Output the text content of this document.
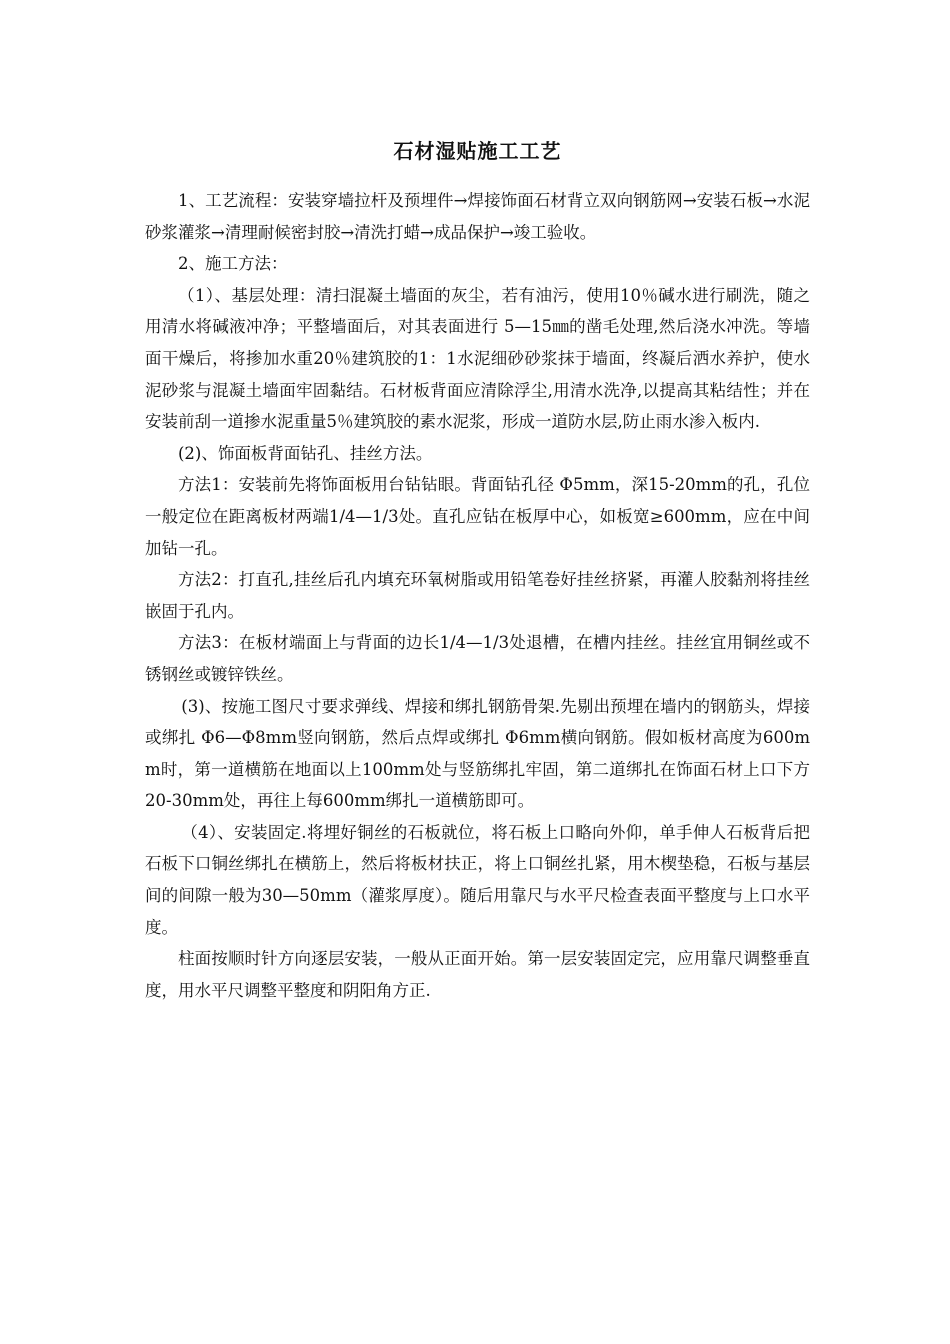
石材湿贴施工工艺

1、工艺流程：安装穿墙拉杆及预埋件→焊接饰面石材背立双向钢筋网→安装石板→水泥砂浆灌浆→清理耐候密封胶→清洗打蜡→成品保护→竣工验收。

2、施工方法：

（1）、基层处理：清扫混凝土墙面的灰尘，若有油污，使用10％碱水进行刷洗，随之用清水将碱液冲净；平整墙面后，对其表面进行 5—15㎜的凿毛处理,然后浇水冲洗。等墙面干燥后，将掺加水重20％建筑胶的1：1水泥细砂砂浆抹于墙面，终凝后洒水养护，使水泥砂浆与混凝土墙面牢固黏结。石材板背面应清除浮尘,用清水洗净,以提高其粘结性；并在安装前刮一道掺水泥重量5％建筑胶的素水泥浆，形成一道防水层,防止雨水渗入板内.

(2)、饰面板背面钻孔、挂丝方法。

方法1：安装前先将饰面板用台钻钻眼。背面钻孔径 Φ5mm，深15-20mm的孔，孔位一般定位在距离板材两端1/4—1/3处。直孔应钻在板厚中心，如板宽≥600mm，应在中间加钻一孔。

方法2：打直孔,挂丝后孔内填充环氧树脂或用铅笔卷好挂丝挤紧，再灌人胶黏剂将挂丝嵌固于孔内。

方法3：在板材端面上与背面的边长1/4—1/3处退槽，在槽内挂丝。挂丝宜用铜丝或不锈钢丝或镀锌铁丝。

(3)、按施工图尺寸要求弹线、焊接和绑扎钢筋骨架.先剔出预埋在墙内的钢筋头，焊接或绑扎 Φ6—Φ8mm竖向钢筋，然后点焊或绑扎 Φ6mm横向钢筋。假如板材高度为600mm时，第一道横筋在地面以上100mm处与竖筋绑扎牢固，第二道绑扎在饰面石材上口下方20-30mm处，再往上每600mm绑扎一道横筋即可。

（4）、安装固定.将埋好铜丝的石板就位，将石板上口略向外仰，单手伸人石板背后把石板下口铜丝绑扎在横筋上，然后将板材扶正，将上口铜丝扎紧，用木楔垫稳，石板与基层间的间隙一般为30—50mm（灌浆厚度）。随后用靠尺与水平尺检查表面平整度与上口水平度。

柱面按顺时针方向逐层安装，一般从正面开始。第一层安装固定完，应用靠尺调整垂直度，用水平尺调整平整度和阴阳角方正.
